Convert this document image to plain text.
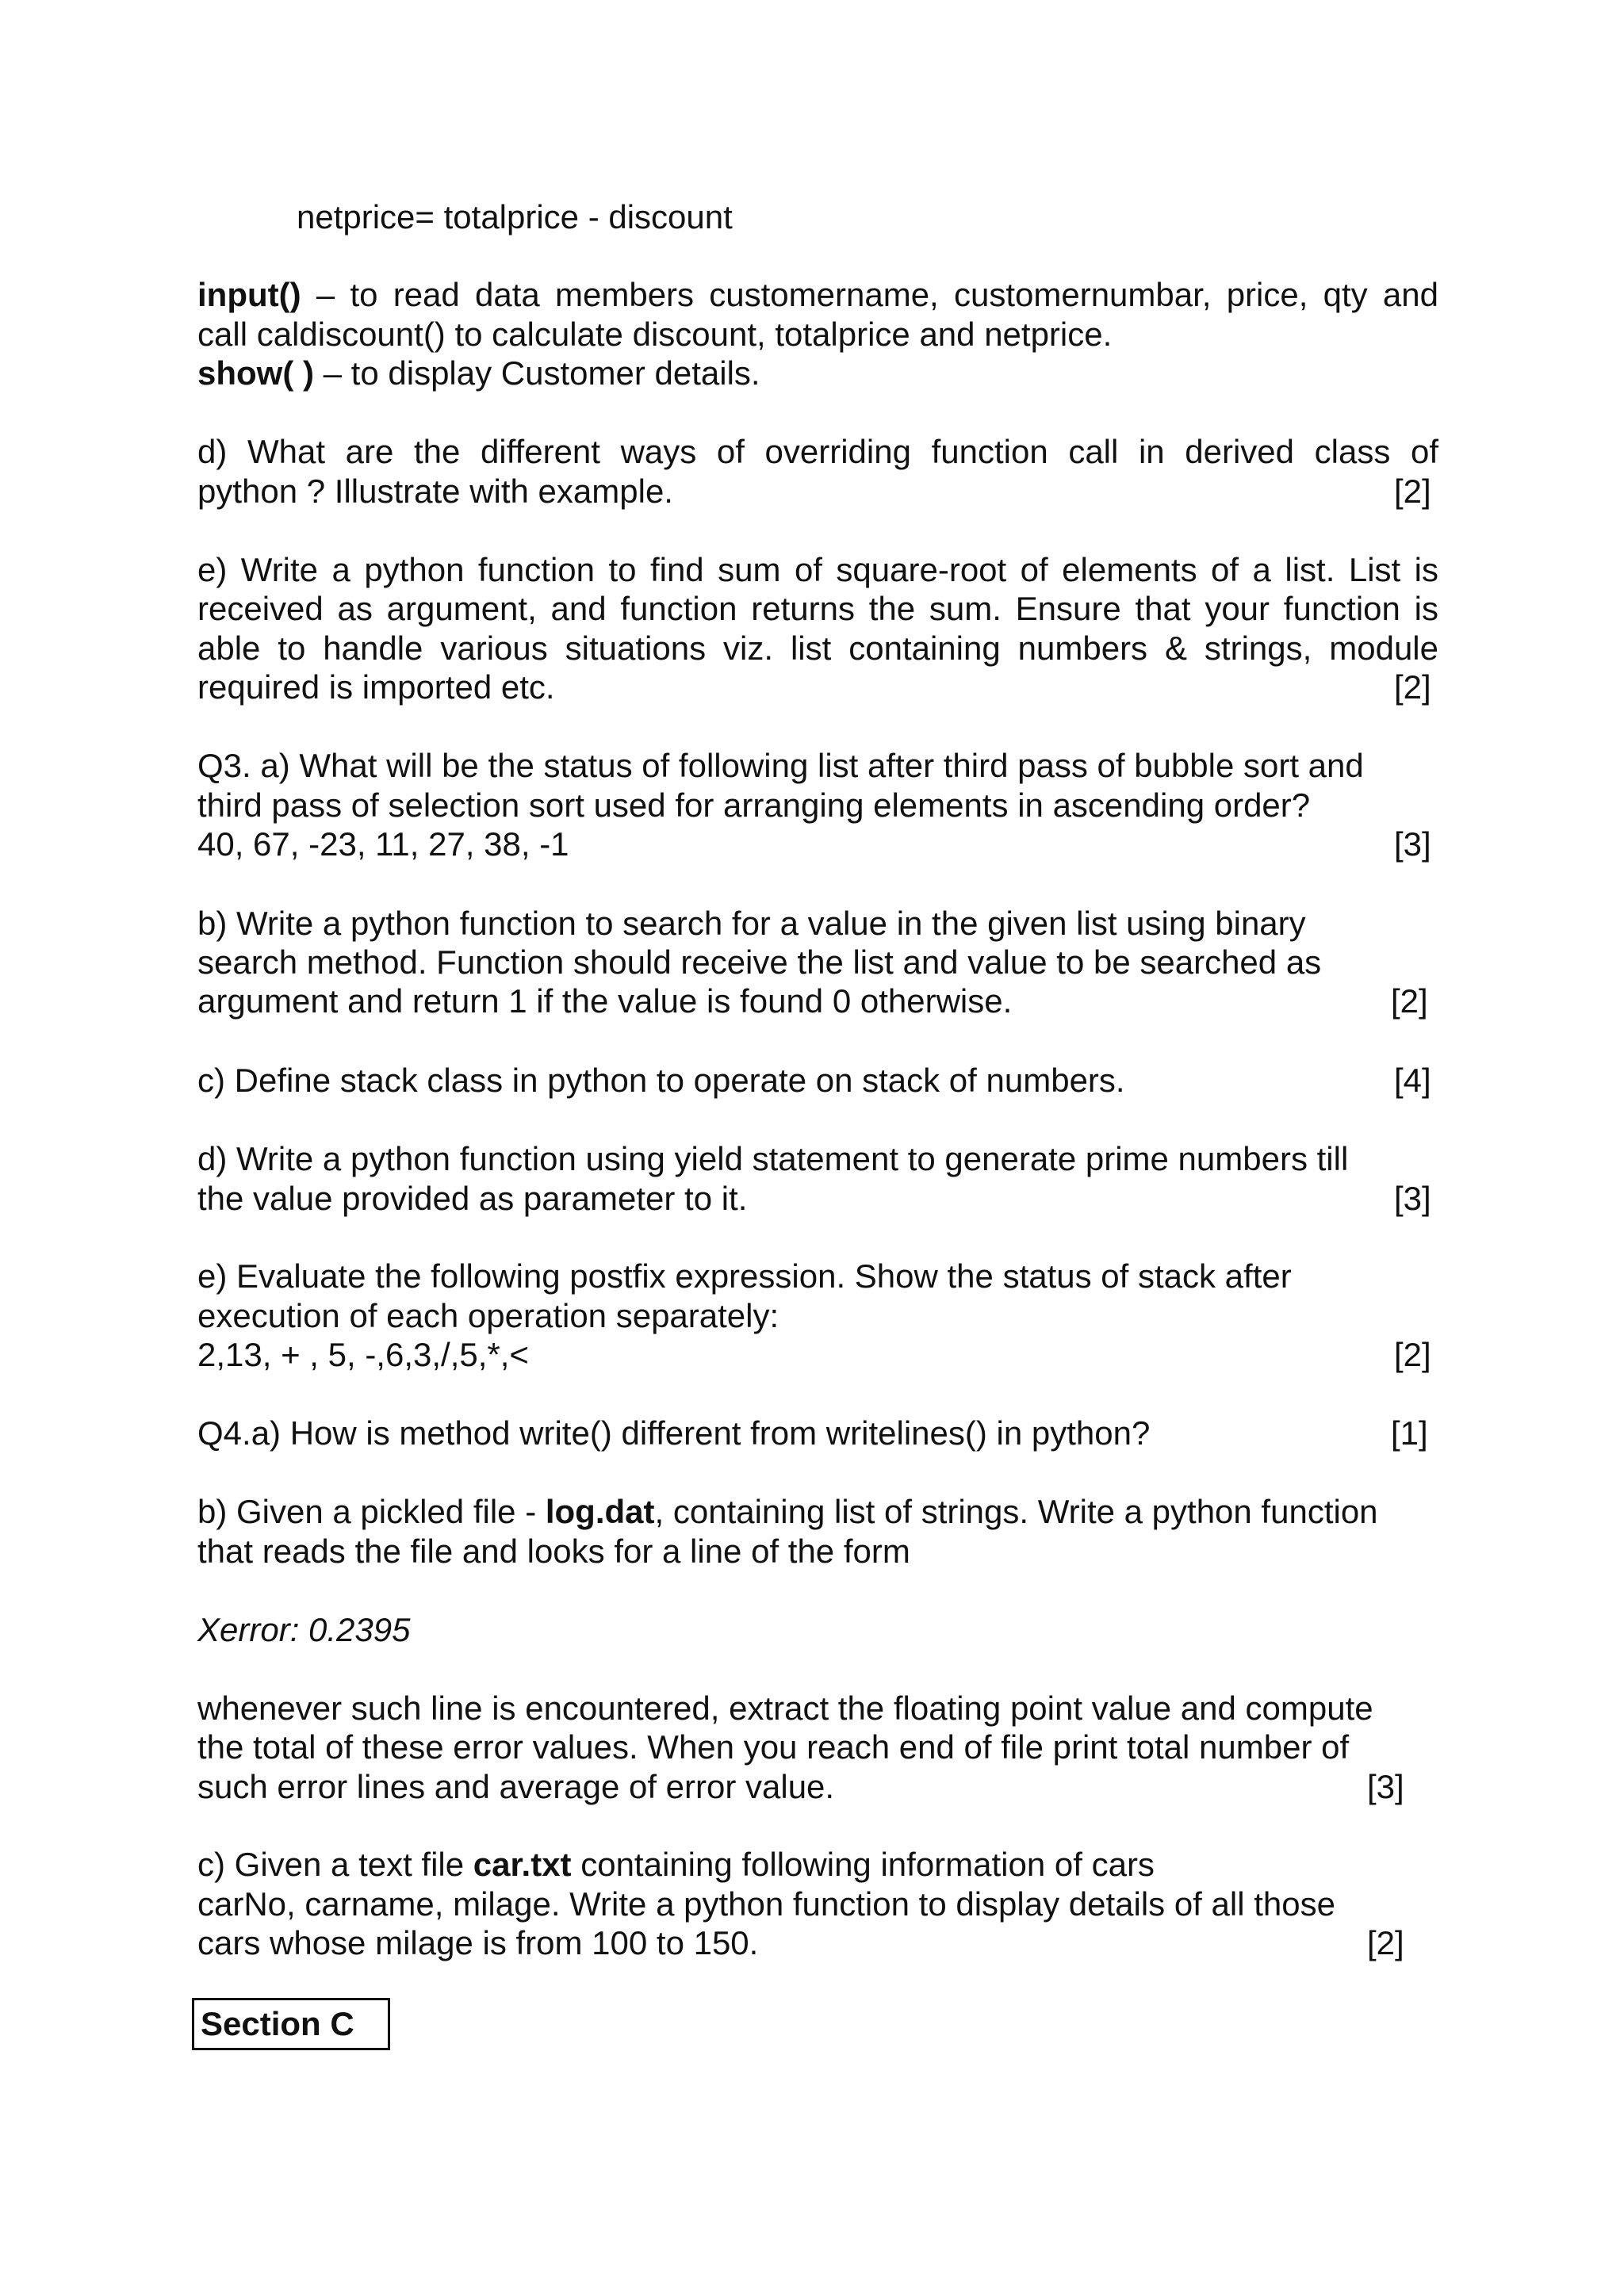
netprice= totalprice - discount
input() – to read data members customername, customernumbar, price, qty and
call caldiscount() to calculate discount, totalprice and netprice.
show( ) – to display Customer details.
d) What are the different ways of overriding function call in derived class of
python ? Illustrate with example.	[2]
e) Write a python function to find sum of square-root of elements of a list. List is
received as argument, and function returns the sum. Ensure that your function is
able to handle various situations viz. list containing numbers & strings, module
required is imported etc.	[2]
Q3. a) What will be the status of following list after third pass of bubble sort and
third pass of selection sort used for arranging elements in ascending order?
40, 67, -23, 11, 27, 38, -1	[3]
b) Write a python function to search for a value in the given list using binary
search method. Function should receive the list and value to be searched as
argument and return 1 if the value is found 0 otherwise.	[2]
c) Define stack class in python to operate on stack of numbers.	[4]
d) Write a python function using yield statement to generate prime numbers till
the value provided as parameter to it.	[3]
e) Evaluate the following postfix expression. Show the status of stack after
execution of each operation separately:
2,13, + , 5, -,6,3,/,5,*,<	[2]
Q4.a) How is method write() different from writelines() in python?	[1]
b) Given a pickled file - log.dat, containing list of strings. Write a python function
that reads the file and looks for a line of the form
Xerror: 0.2395
whenever such line is encountered, extract the floating point value and compute
the total of these error values. When you reach end of file print total number of
such error lines and average of error value.	[3]
c) Given a text file car.txt containing following information of cars
carNo, carname, milage. Write a python function to display details of all those
cars whose milage is from 100 to 150.	[2]
Section C
